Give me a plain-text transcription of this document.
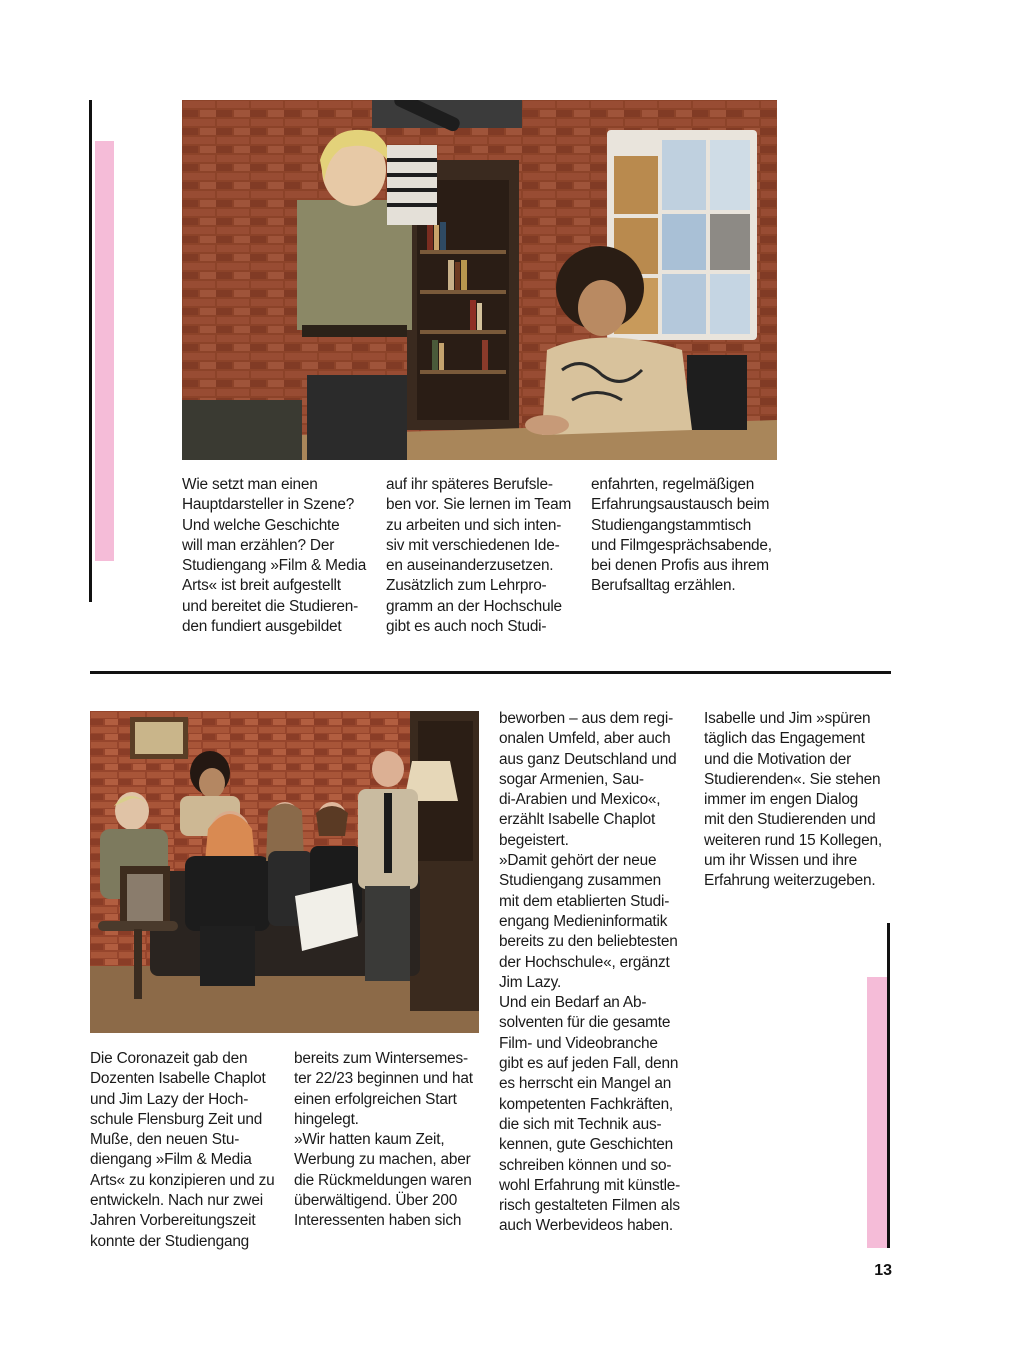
Wie setzt man einen
Hauptdarsteller in Szene?
Und welche Geschichte
will man erzählen? Der
Studiengang »Film & Media
Arts« ist breit aufgestellt
und bereitet die Studieren-
den fundiert ausgebildet
auf ihr späteres Berufsle-
ben vor. Sie lernen im Team
zu arbeiten und sich inten-
siv mit verschiedenen Ide-
en auseinanderzusetzen.
Zusätzlich zum Lehrpro-
gramm an der Hochschule
gibt es auch noch Studi-
enfahrten, regelmäßigen
Erfahrungsaustausch beim
Studiengangstammtisch
und Filmgesprächsabende,
bei denen Profis aus ihrem
Berufsalltag erzählen.
Die Coronazeit gab den
Dozenten Isabelle Chaplot
und Jim Lazy der Hoch-
schule Flensburg Zeit und
Muße, den neuen Stu-
diengang »Film & Media
Arts« zu konzipieren und zu
entwickeln. Nach nur zwei
Jahren Vorbereitungszeit
konnte der Studiengang
bereits zum Wintersemes-
ter 22/23 beginnen und hat
einen erfolgreichen Start
hingelegt.
»Wir hatten kaum Zeit,
Werbung zu machen, aber
die Rückmeldungen waren
überwältigend. Über 200
Interessenten haben sich
beworben – aus dem regi-
onalen Umfeld, aber auch
aus ganz Deutschland und
sogar Armenien, Sau-
di-Arabien und Mexico«,
erzählt Isabelle Chaplot
begeistert.
»Damit gehört der neue
Studiengang zusammen
mit dem etablierten Studi-
engang Medieninformatik
bereits zu den beliebtesten
der Hochschule«, ergänzt
Jim Lazy.
Und ein Bedarf an Ab-
solventen für die gesamte
Film- und Videobranche
gibt es auf jeden Fall, denn
es herrscht ein Mangel an
kompetenten Fachkräften,
die sich mit Technik aus-
kennen, gute Geschichten
schreiben können und so-
wohl Erfahrung mit künstle-
risch gestalteten Filmen als
auch Werbevideos haben.
Isabelle und Jim »spüren
täglich das Engagement
und die Motivation der
Studierenden«. Sie stehen
immer im engen Dialog
mit den Studierenden und
weiteren rund 15 Kollegen,
um ihr Wissen und ihre
Erfahrung weiterzugeben.
13
